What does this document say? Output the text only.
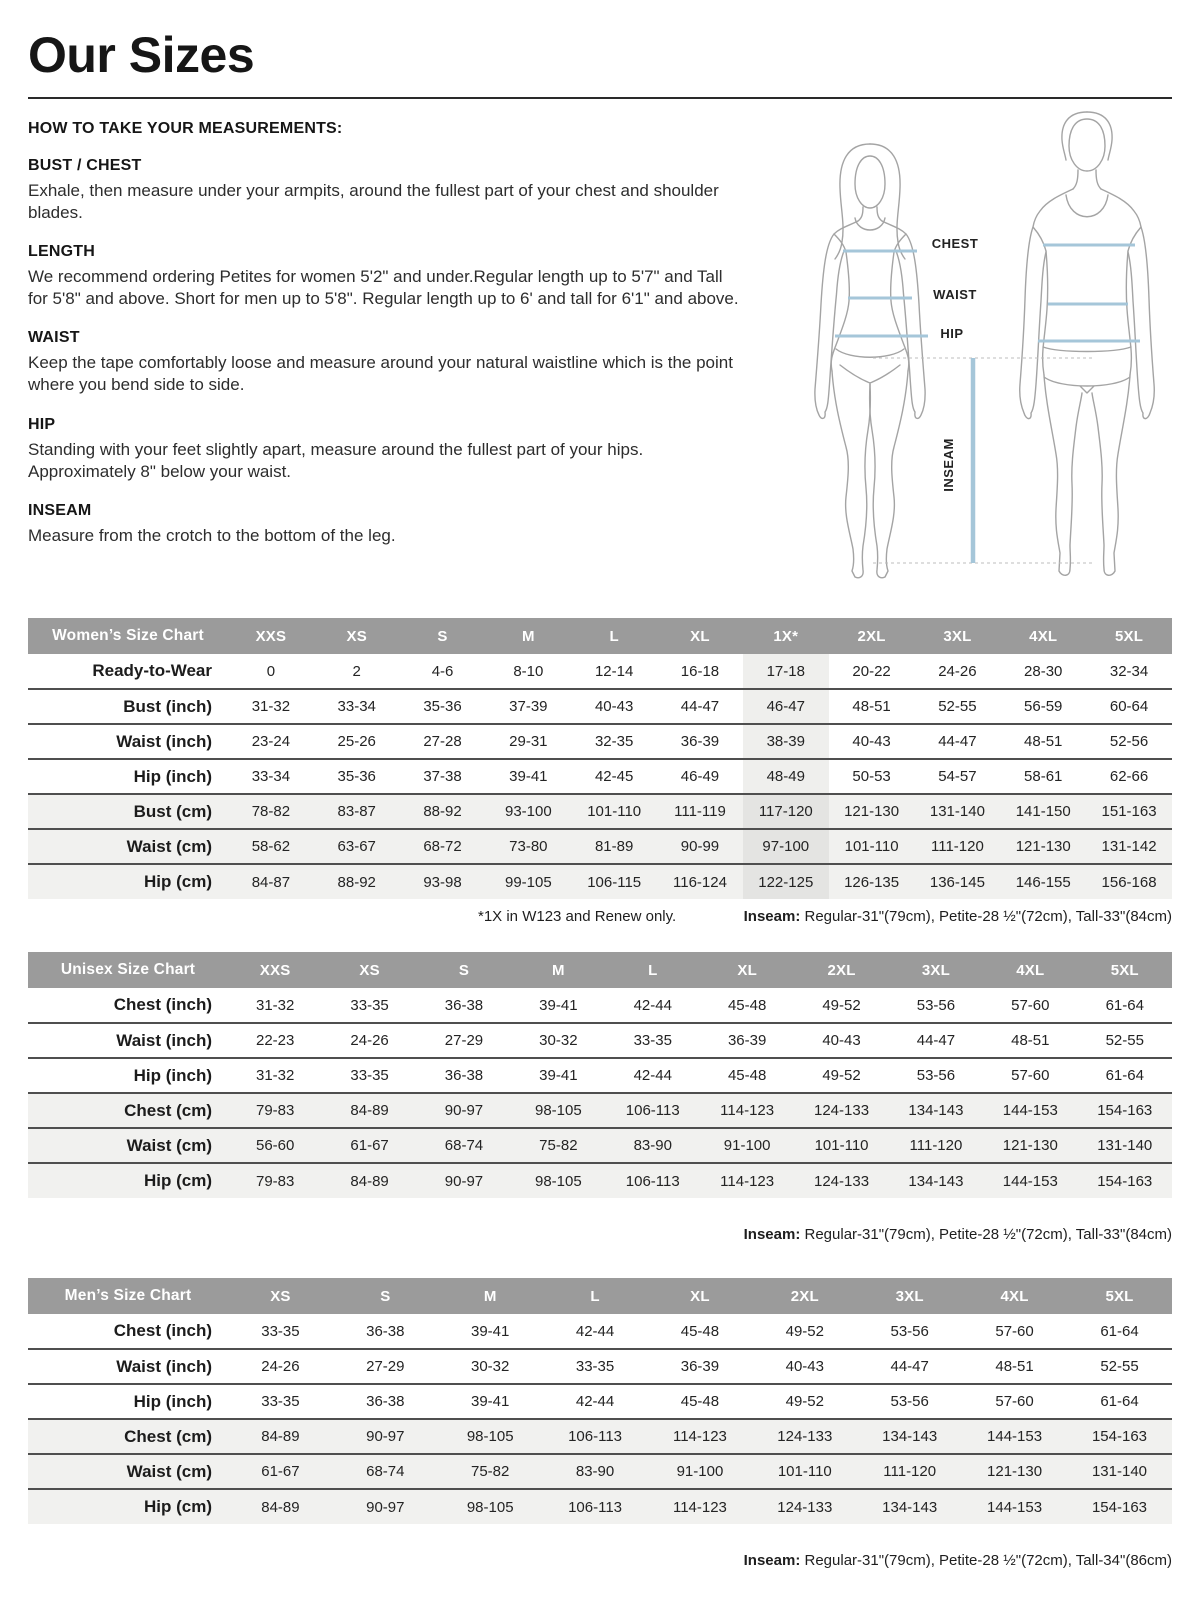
Our Sizes
HOW TO TAKE YOUR MEASUREMENTS:
BUST / CHEST
Exhale, then measure under your armpits, around the fullest part of your chest and shoulder blades.
LENGTH
We recommend ordering Petites for women 5'2" and under.Regular length up to 5'7" and Tall for 5'8" and above. Short for men up to 5'8". Regular length up to 6' and tall for 6'1" and above.
WAIST
Keep the tape comfortably loose and measure around your natural waistline which is the point where you bend side to side.
HIP
Standing with your feet slightly apart, measure around the fullest part of your hips. Approximately 8" below your waist.
INSEAM
Measure from the crotch to the bottom of the leg.
CHEST
WAIST
HIP
INSEAM
Women’s Size Chart	XXS	XS	S	M	L	XL	1X*	2XL	3XL	4XL	5XL
Ready-to-Wear	0	2	4-6	8-10	12-14	16-18	17-18	20-22	24-26	28-30	32-34
Bust (inch)	31-32	33-34	35-36	37-39	40-43	44-47	46-47	48-51	52-55	56-59	60-64
Waist (inch)	23-24	25-26	27-28	29-31	32-35	36-39	38-39	40-43	44-47	48-51	52-56
Hip (inch)	33-34	35-36	37-38	39-41	42-45	46-49	48-49	50-53	54-57	58-61	62-66
Bust (cm)	78-82	83-87	88-92	93-100	101-110	111-119	117-120	121-130	131-140	141-150	151-163
Waist (cm)	58-62	63-67	68-72	73-80	81-89	90-99	97-100	101-110	111-120	121-130	131-142
Hip (cm)	84-87	88-92	93-98	99-105	106-115	116-124	122-125	126-135	136-145	146-155	156-168
*1X in W123 and Renew only.	Inseam: Regular-31"(79cm), Petite-28 ½"(72cm), Tall-33"(84cm)
Unisex Size Chart	XXS	XS	S	M	L	XL	2XL	3XL	4XL	5XL
Chest (inch)	31-32	33-35	36-38	39-41	42-44	45-48	49-52	53-56	57-60	61-64
Waist (inch)	22-23	24-26	27-29	30-32	33-35	36-39	40-43	44-47	48-51	52-55
Hip (inch)	31-32	33-35	36-38	39-41	42-44	45-48	49-52	53-56	57-60	61-64
Chest (cm)	79-83	84-89	90-97	98-105	106-113	114-123	124-133	134-143	144-153	154-163
Waist (cm)	56-60	61-67	68-74	75-82	83-90	91-100	101-110	111-120	121-130	131-140
Hip (cm)	79-83	84-89	90-97	98-105	106-113	114-123	124-133	134-143	144-153	154-163
Inseam: Regular-31"(79cm), Petite-28 ½"(72cm), Tall-33"(84cm)
Men’s Size Chart	XS	S	M	L	XL	2XL	3XL	4XL	5XL
Chest (inch)	33-35	36-38	39-41	42-44	45-48	49-52	53-56	57-60	61-64
Waist (inch)	24-26	27-29	30-32	33-35	36-39	40-43	44-47	48-51	52-55
Hip (inch)	33-35	36-38	39-41	42-44	45-48	49-52	53-56	57-60	61-64
Chest (cm)	84-89	90-97	98-105	106-113	114-123	124-133	134-143	144-153	154-163
Waist (cm)	61-67	68-74	75-82	83-90	91-100	101-110	111-120	121-130	131-140
Hip (cm)	84-89	90-97	98-105	106-113	114-123	124-133	134-143	144-153	154-163
Inseam: Regular-31"(79cm), Petite-28 ½"(72cm), Tall-34"(86cm)
